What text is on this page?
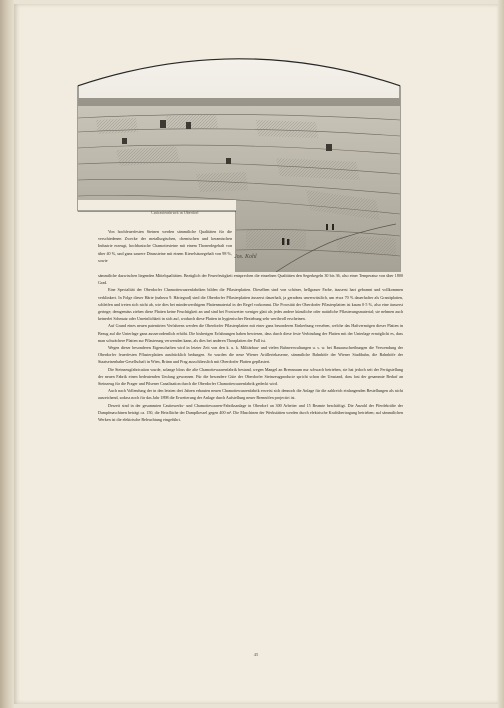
Castinsteinbruch in Oberdorf
Jos. Kohl

Von hochfeuerfesten Steinen werden sämmtliche Qualitäten für die verschiedenen Zwecke der metallurgischen, chemischen und keramischen Industrie erzeugt, hochbasische Chamottesteine mit einem Thonerdegehalt von über 40 %, und ganz saurere Dinassteine mit einem Kieselsäuregehalt von 98 %, sowie

sämmtliche dazwischen liegenden Mittelqualitäten. Bezüglich der Feuerfestigkeit entsprechen die einzelnen Qualitäten den Segerkegeln 30 bis 36, also einer Temperatur von über 1800 Grad.

Eine Specialität der Oberdorfer Chamottewaarenfabriken bilden die Pflasterplatten. Dieselben sind von schöner, hellgrauer Farbe, äusserst hart gebrannt und vollkommen verklinkert. In Folge dieser Härte (nahezu 9. Härtegrad) sind die Oberdorfer Pflasterplatten äusserst dauerhaft, ja geradezu unverwüstlich, um etwa 70 % dauerhafter als Granitplatten, schleifen und treten sich nicht ab, wie dies bei minderwerthigem Plattenmaterial in der Regel vorkommt. Die Porosität der Oberdorfer Pflasterplatten ist kaum 0·5 %, also eine äusserst geringe; demgemäss ziehen diese Platten keine Feuchtigkeit an und sind bei Frostwetter weniger glatt als jedes andere künstliche oder natürliche Pflasterungsmaterial; sie nehmen auch keinerlei Schmutz oder Unreinlichkeit in sich auf, wodurch diese Platten in hygienischer Beziehung sehr werthvoll erscheinen.

Auf Grund eines neuen patentirten Verfahrens werden die Oberdorfer Pflasterplatten mit einer ganz besonderen Einkerbung versehen, welche das Haftvermögen dieser Platten in Bezug auf die Unterlage ganz ausserordentlich erhöht. Die bisherigen Erfahrungen haben bewiesen, dass durch diese feste Verbindung der Platten mit der Unterlage ermöglicht es, dass man schwächere Platten zur Pflasterung verwenden kann, als dies bei anderen Thonplatten der Fall ist.

Wegen dieser besonderen Eigenschaften wird in letzter Zeit von den k. u. k. Militärbau- und vielen Bahnverwaltungen u. s. w. bei Bauausschreibungen die Verwendung der Oberdorfer feuerfesten Pflasterplatten ausdrücklich bedungen. So wurden die neue Wiener Artilleriekaserne, sämmtliche Bahnhöfe der Wiener Stadtbahn, die Bahnhöfe der Staatseisenbahn-Gesellschaft in Wien, Brünn und Prag ausschliesslich mit Oberdorfer Platten gepflastert.

Die Steinzeugfabrication wurde, solange bloss die alte Chamottewaarenfabrik bestand, wegen Mangel an Brennraum nur schwach betrieben, sie hat jedoch seit der Fertigstellung der neuen Fabrik einen bedeutenden Umfang gewonnen. Für die besondere Güte der Oberdorfer Steinzeugproducte spricht schon der Umstand, dass fast der gesammte Bedarf an Steinzeug für die Prager und Pilsener Canalisation durch die Oberdorfer Chamottewaarenfabrik gedeckt wird.

Auch nach Vollendung der in den letzten drei Jahren erbauten neuen Chamottewaarenfabrik erweist sich dennoch die Anlage für die zahlreich einlangenden Bestellungen als nicht ausreichend, sodass noch für das Jahr 1898 die Erweiterung der Anlage durch Aufstellung neuer Brennöfen projectirt ist.

Derzeit sind in der gesammten Castinwerks- und Chamottewaaren-Fabriksanlage in Oberdorf an 300 Arbeiter und 15 Beamte beschäftigt. Die Anzahl der Pferdekräfte der Dampfmaschinen beträgt ca. 150, die Heizfläche der Dampfkessel gegen 400 m². Die Maschinen der Werkstätten werden durch elektrische Kraftübertragung betrieben; auf sämmtlichen Werken ist die elektrische Beleuchtung eingeführt.

45
